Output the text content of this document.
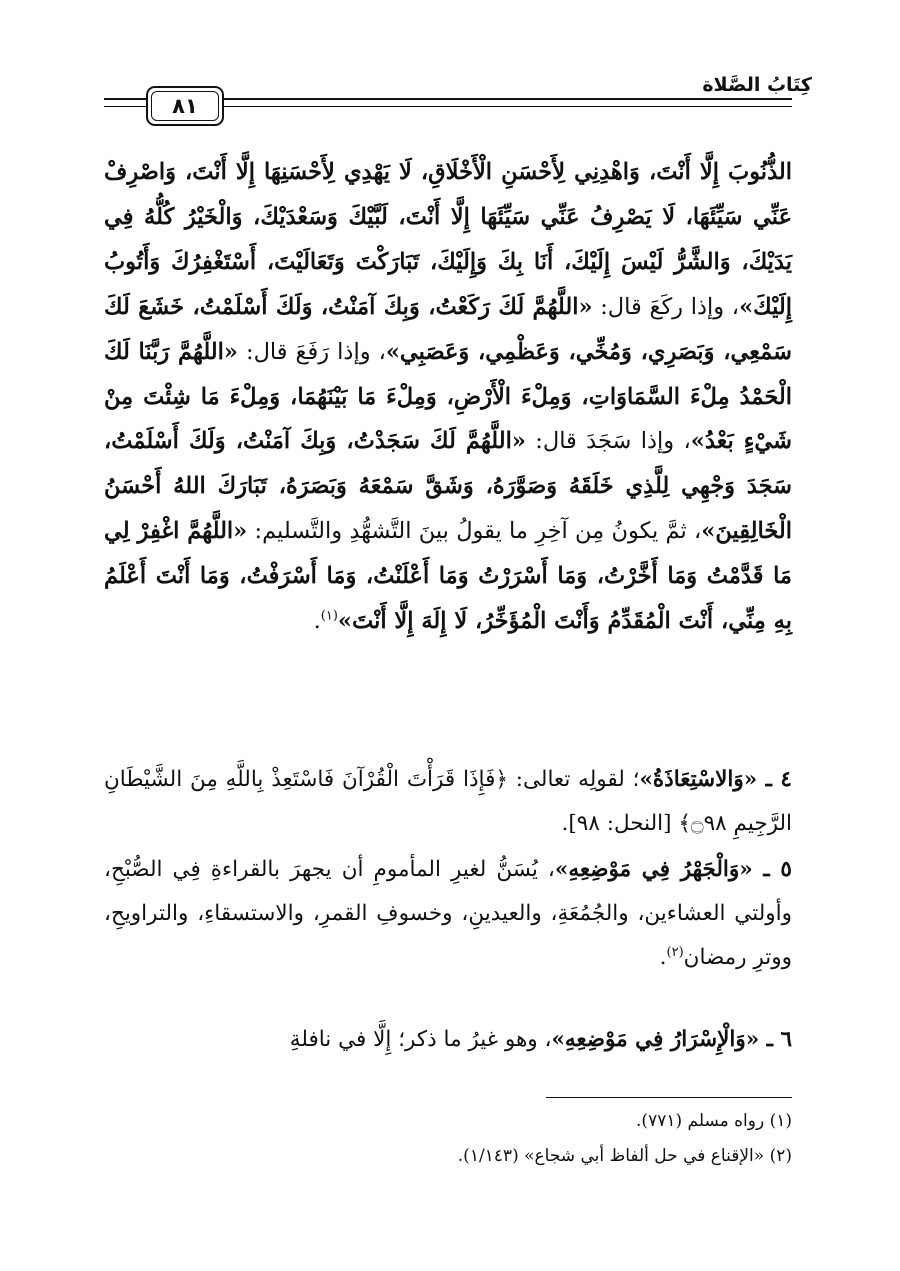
كِتَابُ الصَّلاة
٨١
الذُّنُوبَ إِلَّا أَنْتَ، وَاهْدِنِي لِأَحْسَنِ الْأَخْلَاقِ، لَا يَهْدِي لِأَحْسَنِهَا إِلَّا أَنْتَ، وَاصْرِفْ عَنِّي سَيِّئَهَا، لَا يَصْرِفُ عَنِّي سَيِّئَهَا إِلَّا أَنْتَ، لَبَّيْكَ وَسَعْدَيْكَ، وَالْخَيْرُ كُلُّهُ فِي يَدَيْكَ، وَالشَّرُّ لَيْسَ إِلَيْكَ، أَنَا بِكَ وَإِلَيْكَ، تَبَارَكْتَ وَتَعَالَيْتَ، أَسْتَغْفِرُكَ وَأَتُوبُ إِلَيْكَ»، وإذا ركَعَ قال: «اللَّهُمَّ لَكَ رَكَعْتُ، وَبِكَ آمَنْتُ، وَلَكَ أَسْلَمْتُ، خَشَعَ لَكَ سَمْعِي، وَبَصَرِي، وَمُخِّي، وَعَظْمِي، وَعَصَبِي»، وإذا رَفَعَ قال: «اللَّهُمَّ رَبَّنَا لَكَ الْحَمْدُ مِلْءَ السَّمَاوَاتِ، وَمِلْءَ الْأَرْضِ، وَمِلْءَ مَا بَيْنَهُمَا، وَمِلْءَ مَا شِئْتَ مِنْ شَيْءٍ بَعْدُ»، وإذا سَجَدَ قال: «اللَّهُمَّ لَكَ سَجَدْتُ، وَبِكَ آمَنْتُ، وَلَكَ أَسْلَمْتُ، سَجَدَ وَجْهِي لِلَّذِي خَلَقَهُ وَصَوَّرَهُ، وَشَقَّ سَمْعَهُ وَبَصَرَهُ، تَبَارَكَ اللهُ أَحْسَنُ الْخَالِقِينَ»، ثمَّ يكونُ مِن آخِرِ ما يقولُ بينَ التَّشهُّدِ والتَّسليم: «اللَّهُمَّ اغْفِرْ لِي مَا قَدَّمْتُ وَمَا أَخَّرْتُ، وَمَا أَسْرَرْتُ وَمَا أَعْلَنْتُ، وَمَا أَسْرَفْتُ، وَمَا أَنْتَ أَعْلَمُ بِهِ مِنِّي، أَنْتَ الْمُقَدِّمُ وَأَنْتَ الْمُؤَخِّرُ، لَا إِلَهَ إِلَّا أَنْتَ»$^{(١)}$.
٤ ـ «وَالاسْتِعَاذَةُ»؛ لقولِه تعالى: ﴿فَإِذَا قَرَأْتَ الْقُرْآنَ فَاسْتَعِذْ بِاللَّهِ مِنَ الشَّيْطَانِ الرَّجِيمِ ۝٩٨﴾ [النحل: ٩٨].
٥ ـ «وَالْجَهْرُ فِي مَوْضِعِهِ»، يُسَنُّ لغيرِ المأمومِ أن يجهرَ بالقراءةِ فِي الصُّبْحِ، وأولتي العشاءين، والجُمُعَةِ، والعيدينِ، وخسوفِ القمرِ، والاستسقاءِ، والتراويحِ، ووترِ رمضان$^{(٢)}$.
٦ ـ «وَالْإِسْرَارُ فِي مَوْضِعِهِ»، وهو غيرُ ما ذكر؛ إِلَّا في نافلةِ
(١) رواه مسلم (٧٧١).
(٢) «الإقناع في حل ألفاظ أبي شجاع» (١/١٤٣).
